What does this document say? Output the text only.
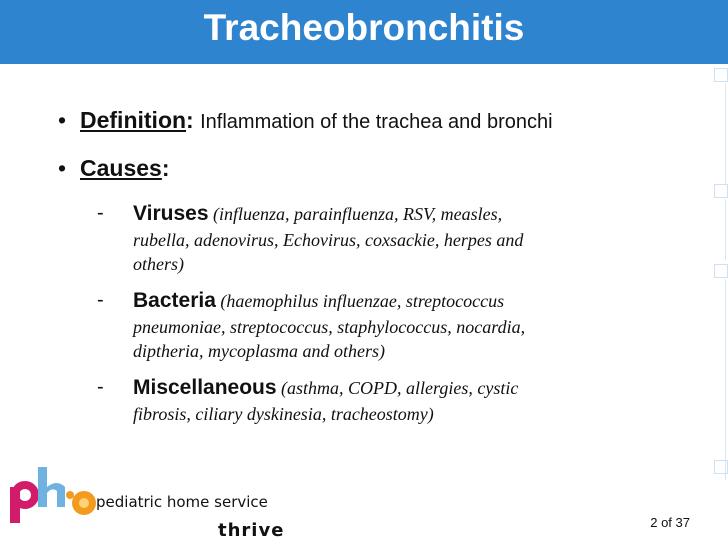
Tracheobronchitis
• Definition: Inflammation of the trachea and bronchi
• Causes:
- Viruses (influenza, parainfluenza, RSV, measles,
rubella, adenovirus, Echovirus, coxsackie, herpes and
others)
- Bacteria (haemophilus influenzae, streptococcus
pneumoniae, streptococcus, staphylococcus, nocardia,
diptheria, mycoplasma and others)
- Miscellaneous (asthma, COPD, allergies, cystic
fibrosis, ciliary dyskinesia, tracheostomy)
pediatric home service
thrive	2 of 37
